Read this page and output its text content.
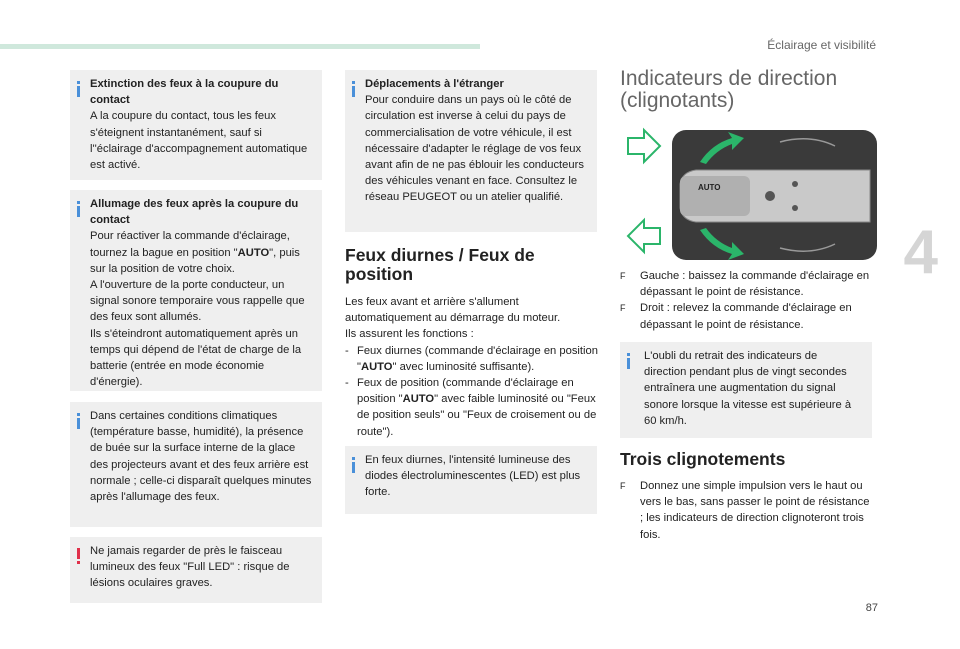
Éclairage et visibilité
4
Extinction des feux à la coupure du contact
A la coupure du contact, tous les feux s'éteignent instantanément, sauf si l''éclairage d'accompagnement automatique est activé.
Allumage des feux après la coupure du contact
Pour réactiver la commande d'éclairage, tournez la bague en position "AUTO", puis sur la position de votre choix.
A l'ouverture de la porte conducteur, un signal sonore temporaire vous rappelle que des feux sont allumés.
Ils s'éteindront automatiquement après un temps qui dépend de l'état de charge de la batterie (entrée en mode économie d'énergie).
Dans certaines conditions climatiques (température basse, humidité), la présence de buée sur la surface interne de la glace des projecteurs avant et des feux arrière est normale ; celle-ci disparaît quelques minutes après l'allumage des feux.
Ne jamais regarder de près le faisceau lumineux des feux "Full LED" : risque de lésions oculaires graves.
Déplacements à l'étranger
Pour conduire dans un pays où le côté de circulation est inverse à celui du pays de commercialisation de votre véhicule, il est nécessaire d'adapter le réglage de vos feux avant afin de ne pas éblouir les conducteurs des véhicules venant en face. Consultez le réseau PEUGEOT ou un atelier qualifié.
Feux diurnes / Feux de position
Les feux avant et arrière s'allument automatiquement au démarrage du moteur.
Ils assurent les fonctions :
- Feux diurnes (commande d'éclairage en position "AUTO" avec luminosité suffisante).
- Feux de position (commande d'éclairage en position "AUTO" avec faible luminosité ou "Feux de position seuls" ou "Feux de croisement ou de route").
En feux diurnes, l'intensité lumineuse des diodes électroluminescentes (LED) est plus forte.
Indicateurs de direction (clignotants)
AUTO
F Gauche : baissez la commande d'éclairage en dépassant le point de résistance.
F Droit : relevez la commande d'éclairage en dépassant le point de résistance.
L'oubli du retrait des indicateurs de direction pendant plus de vingt secondes entraînera une augmentation du signal sonore lorsque la vitesse est supérieure à 60 km/h.
Trois clignotements
F Donnez une simple impulsion vers le haut ou vers le bas, sans passer le point de résistance ; les indicateurs de direction clignoteront trois fois.
87
